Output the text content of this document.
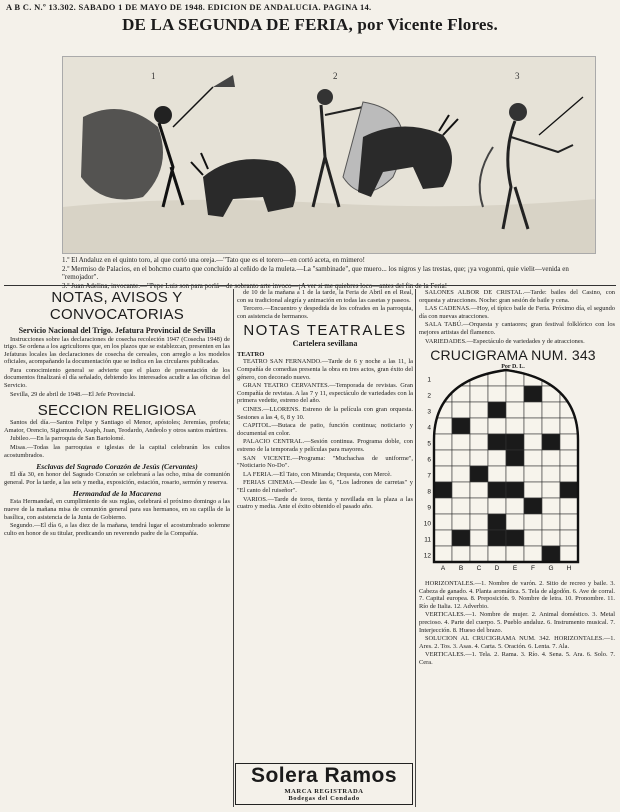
A B C. N.º 13.302. SABADO 1 DE MAYO DE 1948. EDICION DE ANDALUCIA. PAGINA 14.
DE LA SEGUNDA DE FERIA, por Vicente Flores.
1	2	3

1.º El Andaluz en el quinto toro, al que cortó una oreja.—"Tato que es el torero—en cortó aceta, en mimero!

2.º Mermiso de Palacios, en el bohcmo cuarto que concluído al ceñido de la muleta.—La "sambinade", que muero... los nigros y las trestas, que; ¡ya vogonmi, quie vielit—venida en "remojador".

NOTAS, AVISOS Y CONVOCATORIAS
Servicio Nacional del Trigo. Jefatura Provincial de Sevilla

Instrucciones sobre las declaraciones de cosecha recoleción 1947 (Cosecha 1948) de trigo. Se ordena a los agricultores que, en los plazos que se establezcan, presenten en las Jefaturas locales las declaraciones de cosecha de cereales, con arreglo a los modelos oficiales, acompañando la documentación que se indica en las circulares publicadas.

Para conocimiento general se advierte que el plazo de presentación de los documentos finalizará el día señalado, debiendo los interesados acudir a las oficinas del Servicio.

Sevilla, 29 de abril de 1948.—El Jefe Provincial.

SECCION RELIGIOSA

Santos del día.—Santos Felipe y Santiago el Menor, apóstoles; Jeremías, profeta; Amator, Orencio, Sigismundo, Asaph, Juan, Teodardo, Andeolo y otros santos mártires.

Jubileo.—En la parroquia de San Bartolomé.

Misas.—Todas las parroquias e iglesias de la capital celebrarán los cultos acostumbrados.

Esclavas del Sagrado Corazón de Jesús (Cervantes)

El día 30, en honor del Sagrado Corazón se celebrará a las ocho, misa de comunión general. Por la tarde, a las seis y media, exposición, estación, rosario, sermón y reserva.

Hermandad de la Macarena

Esta Hermandad, en cumplimiento de sus reglas, celebrará el próximo domingo a las nueve de la mañana misa de comunión general para sus hermanos, en su capilla de la basílica, con asistencia de la Junta de Gobierno.

Segundo.—El día 6, a las diez de la mañana, tendrá lugar el acostumbrado solemne culto en honor de su titular, predicando un reverendo padre de la Compañía.

de 10 de la mañana a 1 de la tarde, la Feria de Abril en el Real, con su tradicional alegría y animación en todas las casetas y paseos.

Tercero.—Encuentro y despedida de los cofrades en la parroquia, con asistencia de hermanos.

NOTAS TEATRALES
Cartelera sevillana
TEATRO

TEATRO SAN FERNANDO.—Tarde de 6 y noche a las 11, la Compañía de comedias presenta la obra en tres actos, gran éxito del género, con decorado nuevo.

GRAN TEATRO CERVANTES.—Temporada de revistas. Gran Compañía de revistas. A las 7 y 11, espectáculo de variedades con la primera vedette, estreno del año.

CINES.—LLORENS. Estreno de la película con gran orquesta. Sesiones a las 4, 6, 8 y 10.

CAPITOL.—Butaca de patio, función continua; noticiario y documental en color.

PALACIO CENTRAL.—Sesión continua. Programa doble, con estreno de la temporada y películas para mayores.

SAN VICENTE.—Programa: "Muchachas de uniforme", "Noticiario No-Do".

LA FERIA.—El Tato, con Miranda; Orquesta, con Mercè.

FERIAS CINEMA.—Desde las 6, "Los ladrones de carretas" y "El canto del ruiseñor".

VARIOS.—Tarde de toros, tienta y novillada en la plaza a las cuatro y media. Ante el éxito obtenido el pasado año.

Solera Ramos
MARCA REGISTRADA
Bodegas del Condado

SALONES ALBOR DE CRISTAL.—Tarde: bailes del Casino, con orquesta y atracciones. Noche: gran sesión de baile y cena.

LAS CADENAS.—Hoy, el típico baile de Feria. Próximo día, el segundo día con nuevas atracciones.

SALA TABÚ.—Orquesta y cantaores; gran festival folklórico con los mejores artistas del flamenco.

VARIEDADES.—Espectáculo de variedades y de atracciones.

CRUCIGRAMA NUM. 343
Por D. L.
1
2
3
4
5
6
7
8
9
10
11
12
A B C D E F G H

HORIZONTALES.—1. Nombre de varón. 2. Sitio de recreo y baile. 3. Cabeza de ganado. 4. Planta aromática. 5. Tela de algodón. 6. Ave de corral. 7. Capital europea. 8. Preposición. 9. Nombre de letra. 10. Pronombre. 11. Río de Italia. 12. Adverbio.

VERTICALES.—1. Nombre de mujer. 2. Animal doméstico. 3. Metal precioso. 4. Parte del cuerpo. 5. Pueblo andaluz. 6. Instrumento musical. 7. Interjección. 8. Hueso del brazo.

SOLUCION AL CRUCIGRAMA NUM. 342. HORIZONTALES.—1. Ares. 2. Tos. 3. Asas. 4. Carta. 5. Oración. 6. Lenta. 7. Ala.

VERTICALES.—1. Tela. 2. Rama. 3. Río. 4. Sena. 5. Ara. 6. Solo. 7. Cera.
